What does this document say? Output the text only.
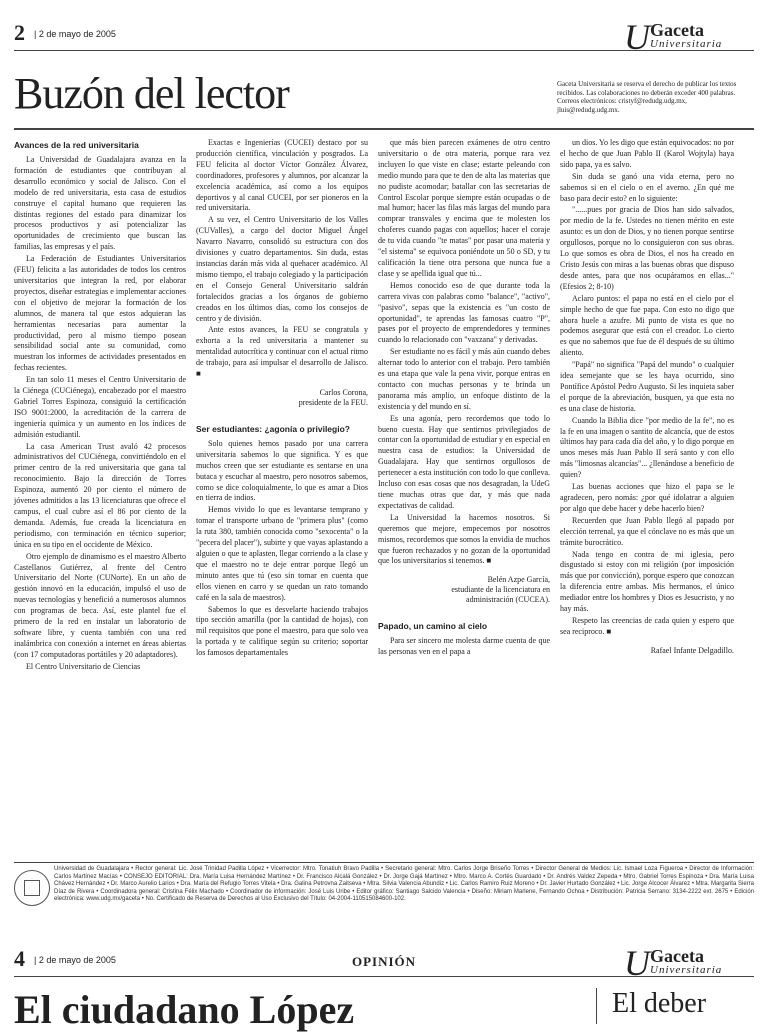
2 | 2 de mayo de 2005	U Gaceta
Universitaria
Buzón del lector	Gaceta Universitaria se reserva el derecho de publicar los textos recibidos. Las colaboraciones no deberán exceder 400 palabras. Correos electrónicos: cristyf@redudg.udg.mx, jluis@redudg.udg.mx.
Avances de la red universitaria

La Universidad de Guadalajara avanza en la formación de estudiantes que contribuyan al desarrollo económico y social de Jalisco. Con el modelo de red universitaria, esta casa de estudios construye el capital humano que requieren las distintas regiones del estado para dinamizar los procesos productivos y así potencializar las oportunidades de crecimiento que buscan las familias, las empresas y el país.

La Federación de Estudiantes Universitarios (FEU) felicita a las autoridades de todos los centros universitarios que integran la red, por elaborar proyectos, diseñar estrategias e implementar acciones con el objetivo de mejorar la formación de los alumnos, de manera tal que estos adquieran las herramientas necesarias para aumentar la productividad, pero al mismo tiempo posean sensibilidad social ante su comunidad, como muestran los informes de actividades presentados en fechas recientes.

En tan solo 11 meses el Centro Universitario de la Ciénega (CUCiénega), encabezado por el maestro Gabriel Torres Espinoza, consiguió la certificación ISO 9001:2000, la acreditación de la carrera de ingeniería química y un aumento en los índices de admisión estudiantil.

La casa American Trust avaló 42 procesos administrativos del CUCiénega, convirtiéndolo en el primer centro de la red universitaria que gana tal reconocimiento. Bajo la dirección de Torres Espinoza, aumentó 20 por ciento el número de jóvenes admitidos a las 13 licenciaturas que ofrece el campus, el cual cubre así el 86 por ciento de la demanda. Además, fue creada la licenciatura en periodismo, con terminación en técnico superior; única en su tipo en el occidente de México.

Otro ejemplo de dinamismo es el maestro Alberto Castellanos Gutiérrez, al frente del Centro Universitario del Norte (CUNorte). En un año de gestión innovó en la educación, impulsó el uso de nuevas tecnologías y benefició a numerosos alumnos con programas de beca. Así, este plantel fue el primero de la red en instalar un laboratorio de software libre, y cuenta también con una red inalámbrica con conexión a internet en áreas abiertas (con 17 computadoras portátiles y 20 adaptadores).

El Centro Universitario de Ciencias

Exactas e Ingenierías (CUCEI) destaco por su producción científica, vinculación y posgrados. La FEU felicita al doctor Víctor González Álvarez, coordinadores, profesores y alumnos, por alcanzar la excelencia académica, así como a los equipos deportivos y al canal CUCEI, por ser pioneros en la red universitaria.

A su vez, el Centro Universitario de los Valles (CUValles), a cargo del doctor Miguel Ángel Navarro Navarro, consolidó su estructura con dos divisiones y cuatro departamentos. Sin duda, estas instancias darán más vida al quehacer académico. Al mismo tiempo, el trabajo colegiado y la participación en el Consejo General Universitario saldrán fortalecidos gracias a los órganos de gobierno creados en los últimos días, como los consejos de centro y de división.

Ante estos avances, la FEU se congratula y exhorta a la red universitaria a mantener su mentalidad autocrítica y continuar con el actual ritmo de trabajo, para así impulsar el desarrollo de Jalisco. ■

Carlos Corona,
presidente de la FEU.
Ser estudiantes: ¿agonía o privilegio?

Solo quienes hemos pasado por una carrera universitaria sabemos lo que significa. Y es que muchos creen que ser estudiante es sentarse en una butaca y escuchar al maestro, pero nosotros sabemos, como se dice coloquialmente, lo que es amar a Dios en tierra de indios.

Hemos vivido lo que es levantarse temprano y tomar el transporte urbano de "primera plus" (como la ruta 380, también conocida como "sexocenta" o la "pecera del placer"), subirte y que vayas aplastando a alguien o que te aplasten, llegar corriendo a la clase y que el maestro no te deje entrar porque llegó un minuto antes que tú (eso sin tomar en cuenta que ellos vienen en carro y se quedan un rato tomando café en la sala de maestros).

Sabemos lo que es desvelarte haciendo trabajos tipo sección amarilla (por la cantidad de hojas), con mil requisitos que pone el maestro, para que solo vea la portada y te califique según su criterio; soportar los famosos departamentales

que más bien parecen exámenes de otro centro universitario o de otra materia, porque rara vez incluyen lo que viste en clase; estarte peleando con medio mundo para que te den de alta las materias que no pudiste acomodar; batallar con las secretarias de Control Escolar porque siempre están ocupadas o de mal humor; hacer las filas más largas del mundo para comprar transvales y encima que te molesten los choferes cuando pagas con aquellos; hacer el coraje de tu vida cuando "te matas" por pasar una materia y "el sistema" se equivoca poniéndote un 50 o SD, y tu calificación la tiene otra persona que nunca fue a clase y se apellida igual que tú...

Hemos conocido eso de que durante toda la carrera vivas con palabras como "balance", "activo", "pasivo", sepas que la existencia es "un costo de oportunidad", te aprendas las famosas cuatro "P", pases por el proyecto de emprendedores y termines cuando lo relacionado con "vaxzana" y derivadas.

Ser estudiante no es fácil y más aún cuando debes alternar todo lo anterior con el trabajo. Pero también es una etapa que vale la pena vivir, porque entras en contacto con muchas personas y te brinda un panorama más amplio, un enfoque distinto de la existencia y del mundo en sí.

Es una agonía, pero recordemos que todo lo bueno cuesta. Hay que sentirnos privilegiados de contar con la oportunidad de estudiar y en especial en nuestra casa de estudios: la Universidad de Guadalajara. Hay que sentirnos orgullosos de pertenecer a esta institución con todo lo que conlleva. Incluso con esas cosas que nos desagradan, la UdeG tiene muchas otras que dar, y más que nada expectativas de calidad.

La Universidad la hacemos nosotros. Si queremos que mejore, empecemos por nosotros mismos, recordemos que somos la envidia de muchos que fueron rechazados y no gozan de la oportunidad que los universitarios si tenemos. ■

Belén Azpe García,
estudiante de la licenciatura en
administración (CUCEA).
Papado, un camino al cielo

Para ser sincero me molesta darme cuenta de que las personas ven en el papa a

un dios. Yo les digo que están equivocados: no por el hecho de que Juan Pablo II (Karol Wojtyla) haya sido papa, ya es salvo.

Sin duda se ganó una vida eterna, pero no sabemos si en el cielo o en el averno. ¿En qué me baso para decir esto? en lo siguiente:

"......pues por gracia de Dios han sido salvados, por medio de la fe. Ustedes no tienen mérito en este asunto: es un don de Dios, y no tienen porque sentirse orgullosos, porque no lo consiguieron con sus obras. Lo que somos es obra de Dios, el nos ha creado en Cristo Jesús con miras a las buenas obras que dispuso desde antes, para que nos ocupáramos en ellas..." (Efesios 2; 8-10)

Aclaro puntos: el papa no está en el cielo por el simple hecho de que fue papa. Con esto no digo que ahora huele a azufre. Mi punto de vista es que no podemos asegurar que está con el creador. Lo cierto es que no sabemos que fue de él después de su último aliento.

"Papá" no significa "Papá del mundo" o cualquier idea semejante que se les haya ocurrido, sino Pontífice Apóstol Pedro Augusto. Si les inquieta saber el porque de la abreviación, busquen, ya que esta no es una clase de historia.

Cuando la Biblia dice "por medio de la fe", no es la fe en una imagen o santito de alcancía, que de estos últimos hay para cada día del año, y lo digo porque en unos meses más Juan Pablo II será santo y con ello más "limosnas alcancías"... ¿llenándose a beneficio de quien?

Las buenas acciones que hizo el papa se le agradecen, pero nomás: ¿por qué idolatrar a alguien por algo que debe hacer y debe hacerlo bien?

Recuerden que Juan Pablo llegó al papado por elección terrenal, ya que el cónclave no es más que un trámite burocrático.

Nada tengo en contra de mi iglesia, pero disgustado si estoy con mi religión (por imposición más que por convicción), porque espero que conozcan la diferencia entre ambas. Mis hermanos, el único mediador entre los hombres y Dios es Jesucristo, y no hay más.

Respeto las creencias de cada quien y espero que sea reciproco. ■

Rafael Infante Delgadillo.
Universidad de Guadalajara • Rector general: Lic. José Trinidad Padilla López • Vicerrector: Mtro. Tonatiuh Bravo Padilla • Secretario general: Mtro. Carlos Jorge Briseño Torres • Director General de Medios: Lic. Ismael Loza Figueroa • Director de Información: Carlos Martínez Macías • CONSEJO EDITORIAL: Dra. María Luisa Hernández Martínez • Dr. Francisco Alcalá González • Dr. Jorge Gajá Martínez • Mtro. Marco A. Cortés Guardado • Dr. Andrés Valdez Zepeda • Mtro. Gabriel Torres Espinoza • Dra. María Luisa Chávez Hernández • Dr. Marco Aurelio Larios • Dra. María del Refugio Torres Vitela • Dra. Galina Petrovna Zaitseva • Mtra. Silvia Valencia Abundiz • Lic. Carlos Ramiro Ruiz Moreno • Dr. Javier Hurtado González • Lic. Jorge Alcocer Álvarez • Mtra. Margarita Sierra Díaz de Rivera • Coordinadora general: Cristina Félix Machado • Coordinador de información: José Luis Uribe • Editor gráfico: Santiago Salcido Valencia • Diseño: Miriam Marlene, Fernando Ochoa • Distribución: Patricia Serrano: 3134-2222 ext. 2675 • Edición electrónica: www.udg.mx/gaceta • No. Certificado de Reserva de Derechos al Uso Exclusivo del Título: 04-2004-110515084600-102.
4 | 2 de mayo de 2005	OPINIÓN	U Gaceta
Universitaria
El ciudadano López	El deber
